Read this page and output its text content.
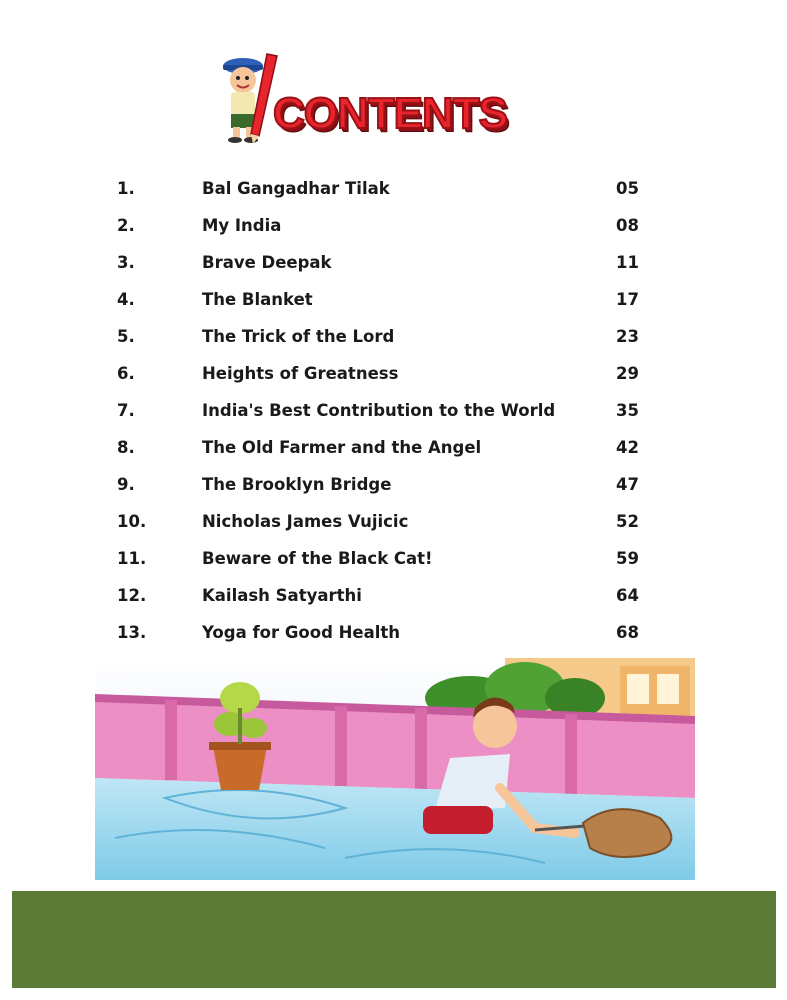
CONTENTS
1.	Bal Gangadhar Tilak	05
2.	My India	08
3.	Brave Deepak	11
4.	The Blanket	17
5.	The Trick of the Lord	23
6.	Heights of Greatness	29
7.	India's Best Contribution to the World	35
8.	The Old Farmer and the Angel	42
9.	The Brooklyn Bridge	47
10.	Nicholas James Vujicic	52
11.	Beware of the Black Cat!	59
12.	Kailash Satyarthi	64
13.	Yoga for Good Health	68
